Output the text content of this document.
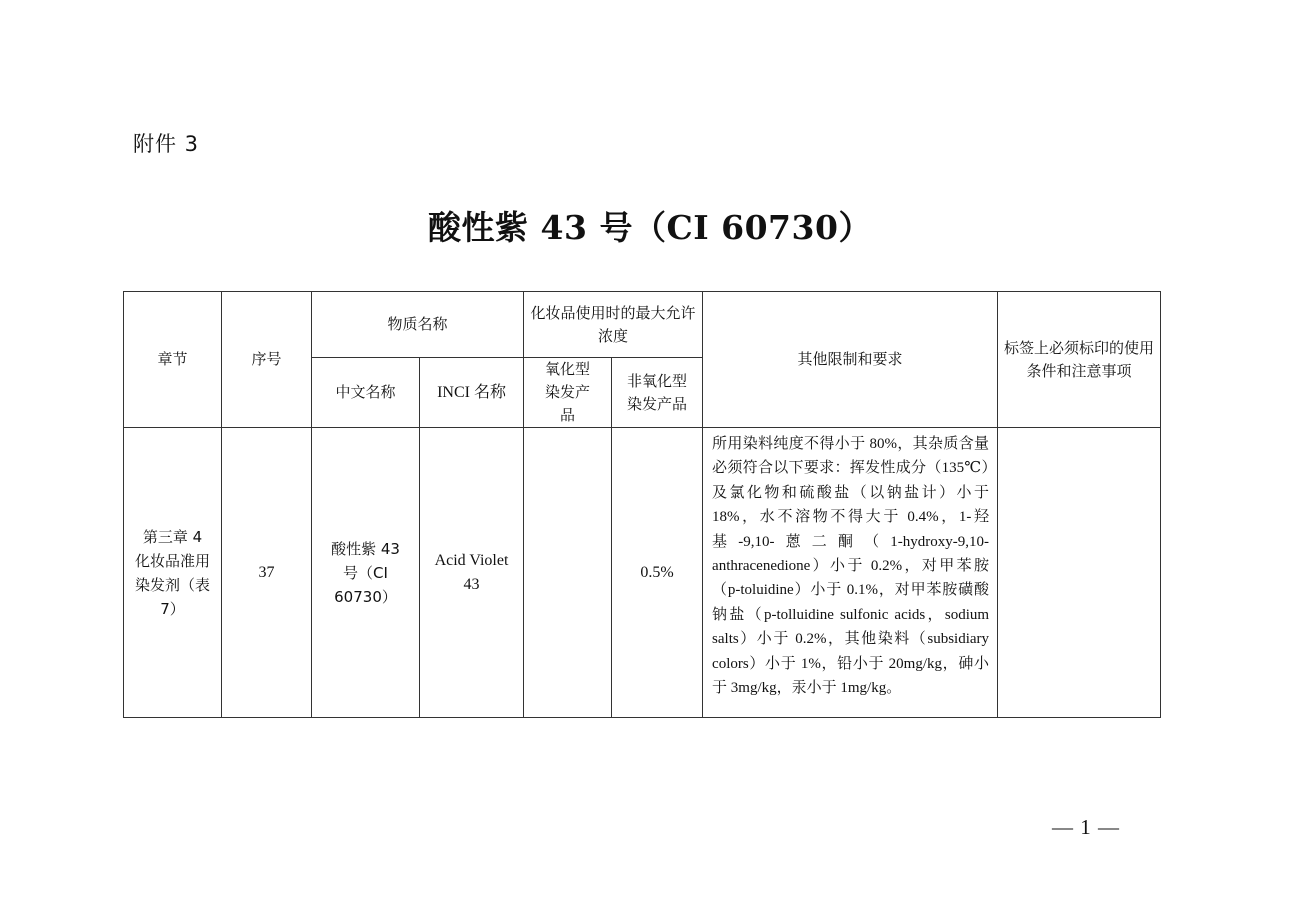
附件 3
酸性紫 43 号（CI 60730）
章节	序号	物质名称		化妆品使用时的最大允许浓度		其他限制和要求	标签上必须标印的使用条件和注意事项
		中文名称	INCI 名称	氧化型染发产品	非氧化型染发产品		
第三章 4 化妆品准用染发剂（表 7）	37	酸性紫 43 号（CI 60730）	Acid Violet 43		0.5%	所用染料纯度不得小于 80%，其杂质含量必须符合以下要求：挥发性成分（135℃）及氯化物和硫酸盐（以钠盐计）小于 18%，水不溶物不得大于 0.4%，1-羟基-9,10-蒽二酮（1-hydroxy-9,10-anthracenedione）小于 0.2%，对甲苯胺（p-toluidine）小于 0.1%，对甲苯胺磺酸钠盐（p-tolluidine sulfonic acids，sodium salts）小于 0.2%，其他染料（subsidiary colors）小于 1%，铅小于 20mg/kg，砷小于 3mg/kg，汞小于 1mg/kg。	
— 1 —
